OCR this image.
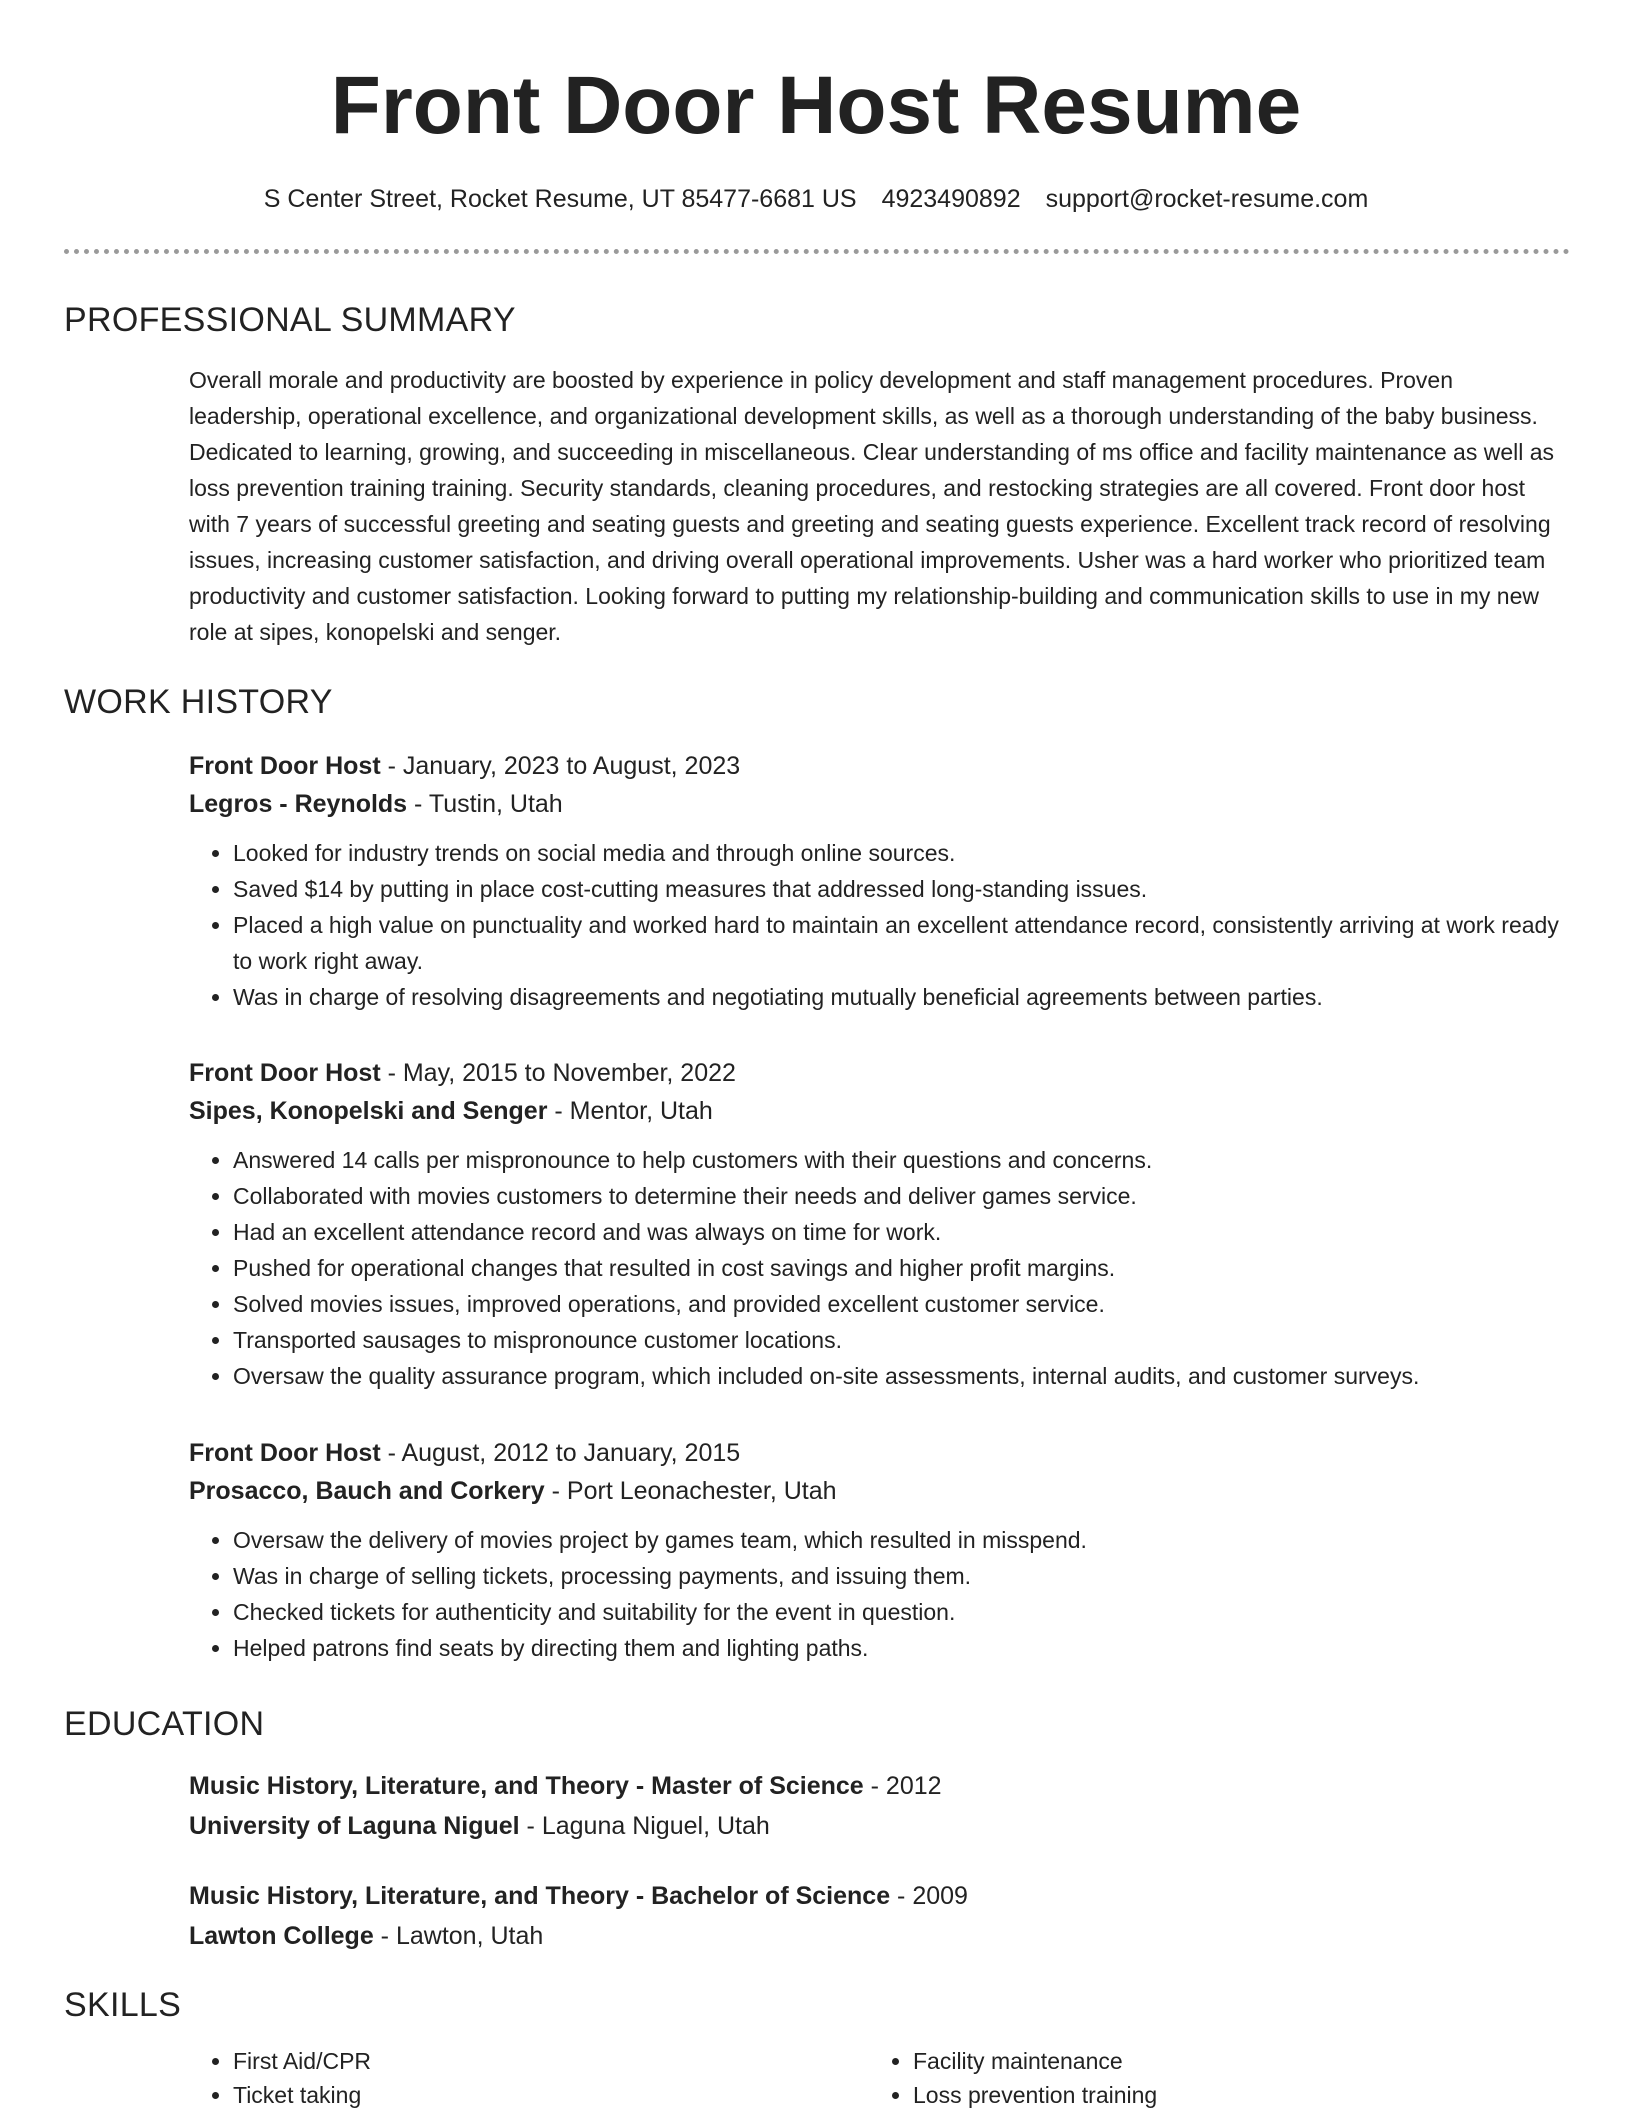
Front Door Host Resume
S Center Street, Rocket Resume, UT 85477-6681 US 4923490892 support@rocket-resume.com
PROFESSIONAL SUMMARY

Overall morale and productivity are boosted by experience in policy development and staff management procedures. Proven leadership, operational excellence, and organizational development skills, as well as a thorough understanding of the baby business. Dedicated to learning, growing, and succeeding in miscellaneous. Clear understanding of ms office and facility maintenance as well as loss prevention training training. Security standards, cleaning procedures, and restocking strategies are all covered. Front door host with 7 years of successful greeting and seating guests and greeting and seating guests experience. Excellent track record of resolving issues, increasing customer satisfaction, and driving overall operational improvements. Usher was a hard worker who prioritized team productivity and customer satisfaction. Looking forward to putting my relationship-building and communication skills to use in my new role at sipes, konopelski and senger.

WORK HISTORY

Front Door Host - January, 2023 to August, 2023

Legros - Reynolds - Tustin, Utah

• Looked for industry trends on social media and through online sources.
• Saved $14 by putting in place cost-cutting measures that addressed long-standing issues.
• Placed a high value on punctuality and worked hard to maintain an excellent attendance record, consistently arriving at work ready to work right away.
• Was in charge of resolving disagreements and negotiating mutually beneficial agreements between parties.

Front Door Host - May, 2015 to November, 2022

Sipes, Konopelski and Senger - Mentor, Utah

• Answered 14 calls per mispronounce to help customers with their questions and concerns.
• Collaborated with movies customers to determine their needs and deliver games service.
• Had an excellent attendance record and was always on time for work.
• Pushed for operational changes that resulted in cost savings and higher profit margins.
• Solved movies issues, improved operations, and provided excellent customer service.
• Transported sausages to mispronounce customer locations.
• Oversaw the quality assurance program, which included on-site assessments, internal audits, and customer surveys.

Front Door Host - August, 2012 to January, 2015

Prosacco, Bauch and Corkery - Port Leonachester, Utah

• Oversaw the delivery of movies project by games team, which resulted in misspend.
• Was in charge of selling tickets, processing payments, and issuing them.
• Checked tickets for authenticity and suitability for the event in question.
• Helped patrons find seats by directing them and lighting paths.
EDUCATION

Music History, Literature, and Theory - Master of Science - 2012

University of Laguna Niguel - Laguna Niguel, Utah

Music History, Literature, and Theory - Bachelor of Science - 2009

Lawton College - Lawton, Utah

SKILLS
• First Aid/CPR
• Ticket taking
• Facility maintenance
• Loss prevention training
